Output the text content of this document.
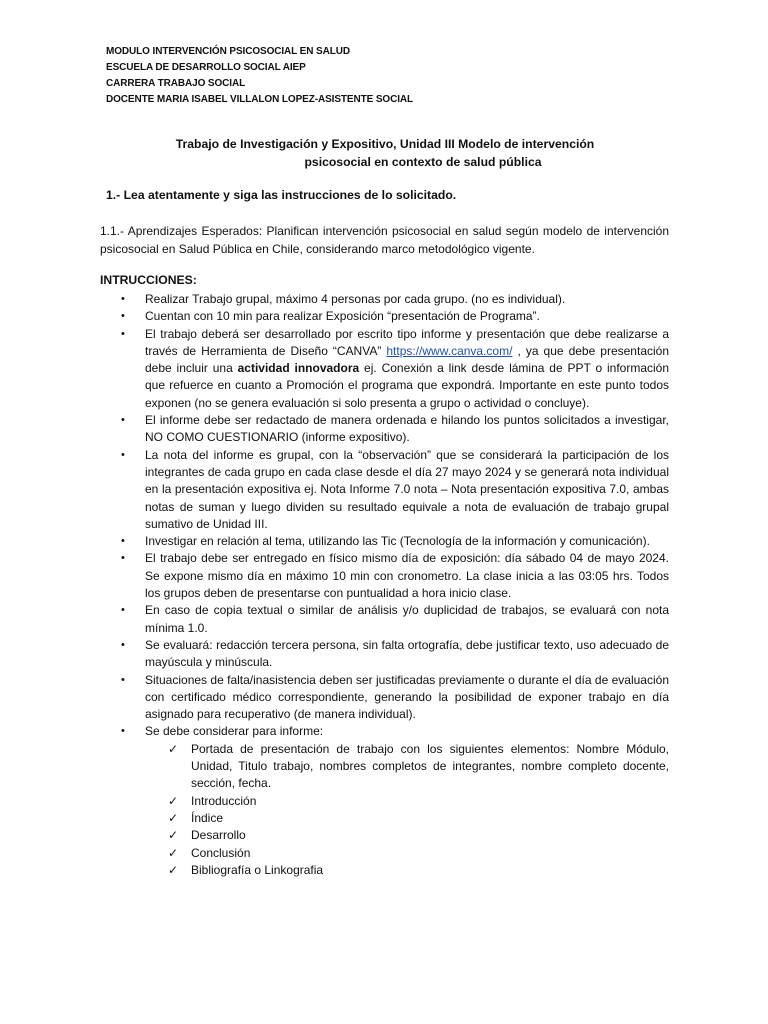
MODULO INTERVENCIÓN PSICOSOCIAL EN SALUD
ESCUELA DE DESARROLLO SOCIAL AIEP
CARRERA TRABAJO SOCIAL
DOCENTE MARIA ISABEL VILLALON LOPEZ-ASISTENTE SOCIAL
Trabajo de Investigación y Expositivo, Unidad III Modelo de intervención
psicosocial en contexto de salud pública
1.- Lea atentamente y siga las instrucciones de lo solicitado.
1.1.- Aprendizajes Esperados: Planifican intervención psicosocial en salud según modelo de intervención psicosocial en Salud Pública en Chile, considerando marco metodológico vigente.
INTRUCCIONES:
• Realizar Trabajo grupal, máximo 4 personas por cada grupo. (no es individual).
• Cuentan con 10 min para realizar Exposición “presentación de Programa”.
• El trabajo deberá ser desarrollado por escrito tipo informe y presentación que debe realizarse a través de Herramienta de Diseño “CANVA” https://www.canva.com/ , ya que debe presentación debe incluir una actividad innovadora ej. Conexión a link desde lámina de PPT o información que refuerce en cuanto a Promoción el programa que expondrá. Importante en este punto todos exponen (no se genera evaluación si solo presenta a grupo o actividad o concluye).
• El informe debe ser redactado de manera ordenada e hilando los puntos solicitados a investigar, NO COMO CUESTIONARIO (informe expositivo).
• La nota del informe es grupal, con la “observación” que se considerará la participación de los integrantes de cada grupo en cada clase desde el día 27 mayo 2024 y se generará nota individual en la presentación expositiva ej. Nota Informe 7.0 nota – Nota presentación expositiva 7.0, ambas notas de suman y luego dividen su resultado equivale a nota de evaluación de trabajo grupal sumativo de Unidad III.
• Investigar en relación al tema, utilizando las Tic (Tecnología de la información y comunicación).
• El trabajo debe ser entregado en físico mismo día de exposición: día sábado 04 de mayo 2024. Se expone mismo día en máximo 10 min con cronometro. La clase inicia a las 03:05 hrs. Todos los grupos deben de presentarse con puntualidad a hora inicio clase.
• En caso de copia textual o similar de análisis y/o duplicidad de trabajos, se evaluará con nota mínima 1.0.
• Se evaluará: redacción tercera persona, sin falta ortografía, debe justificar texto, uso adecuado de mayúscula y minúscula.
• Situaciones de falta/inasistencia deben ser justificadas previamente o durante el día de evaluación con certificado médico correspondiente, generando la posibilidad de exponer trabajo en día asignado para recuperativo (de manera individual).
• Se debe considerar para informe:
✓ Portada de presentación de trabajo con los siguientes elementos: Nombre Módulo, Unidad, Titulo trabajo, nombres completos de integrantes, nombre completo docente, sección, fecha.
✓ Introducción
✓ Índice
✓ Desarrollo
✓ Conclusión
✓ Bibliografía o Linkografia
